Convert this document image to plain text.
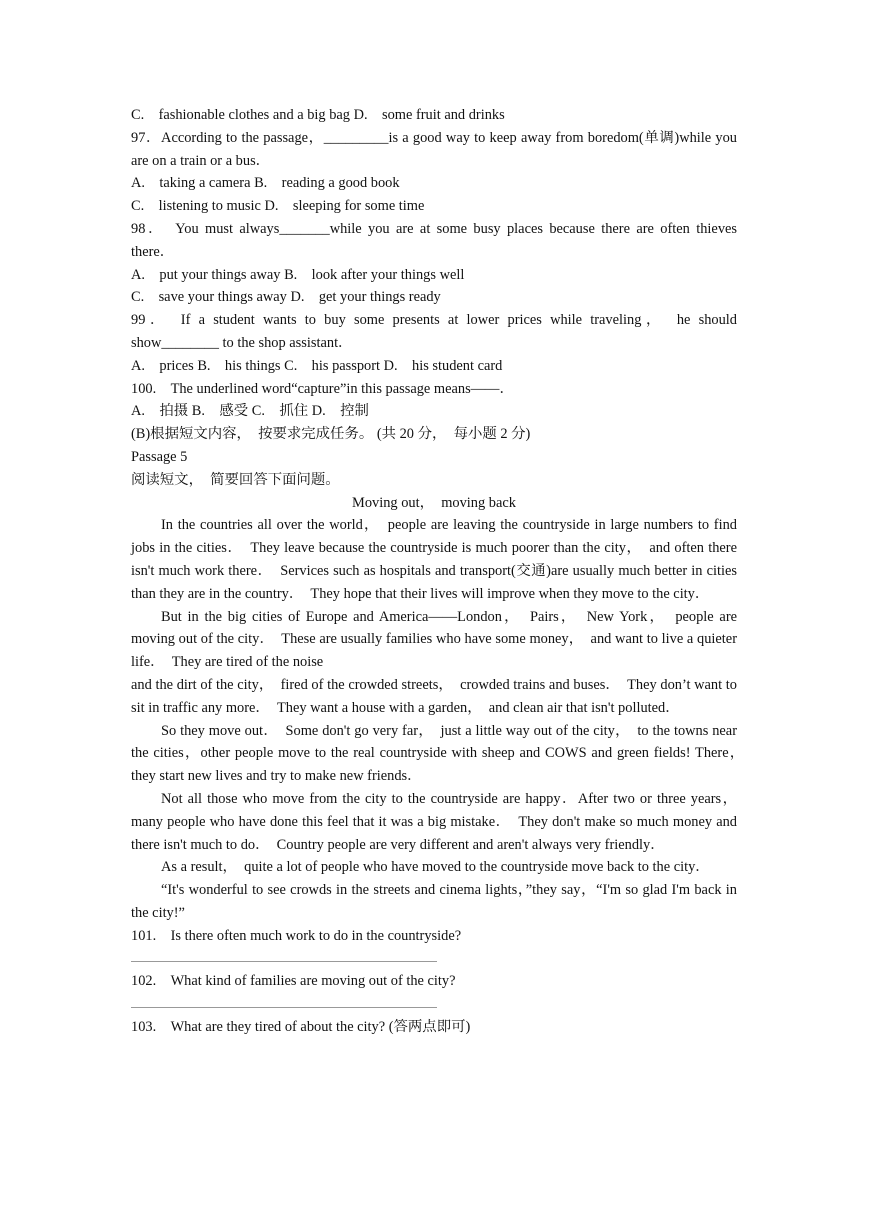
C.　fashionable clothes and a big bag D.　some fruit and drinks
97．According to the passage，_________is a good way to keep away from boredom(单调)while you are on a train or a bus．
A.　taking a camera B.　reading a good book
C.　listening to music D.　sleeping for some time
98．　You must always_______while you are at some busy places because there are often thieves there．
A.　put your things away B.　look after your things well
C.　save your things away D.　get your things ready
99．　If a student wants to buy some presents at lower prices while traveling，　he should show________ to the shop assistant．
A.　prices B.　his things C.　his passport D.　his student card
100.　The underlined word“capture”in this passage means——．
A.　拍摄 B.　感受 C.　抓住 D.　控制
(B)根据短文内容，　按要求完成任务。 (共 20 分，　每小题 2 分)
Passage 5
阅读短文，　简要回答下面问题。
Moving out，　moving back
In the countries all over the world，　people are leaving the countryside in large numbers to find jobs in the cities．　They leave because the countryside is much poorer than the city，　and often there isn't much work there．　Services such as hospitals and transport(交通)are usually much better in cities than they are in the country．　They hope that their lives will improve when they move to the city．
But in the big cities of Europe and America——London，　Pairs，　New York，　people are moving out of the city．　These are usually families who have some money，　and want to live a quieter life．　They are tired of the noise
and the dirt of the city，　fired of the crowded streets，　crowded trains and buses．　They don’t want to sit in traffic any more．　They want a house with a garden，　and clean air that isn't polluted．
So they move out．　Some don't go very far，　just a little way out of the city，　to the towns near the cities，other people move to the real countryside with sheep and COWS and green fields! There，　they start new lives and try to make new friends．
Not all those who move from the city to the countryside are happy．After two or three years，many people who have done this feel that it was a big mistake．　They don't make so much money and there isn't much to do．　Country people are very different and aren't always very friendly．
As a result，　quite a lot of people who have moved to the countryside move back to the city．
“It's wonderful to see crowds in the streets and cinema lights，”they say，“I'm so glad I'm back in the city!”
101.　Is there often much work to do in the countryside?
102.　What kind of families are moving out of the city?
103.　What are they tired of about the city? (答两点即可)
